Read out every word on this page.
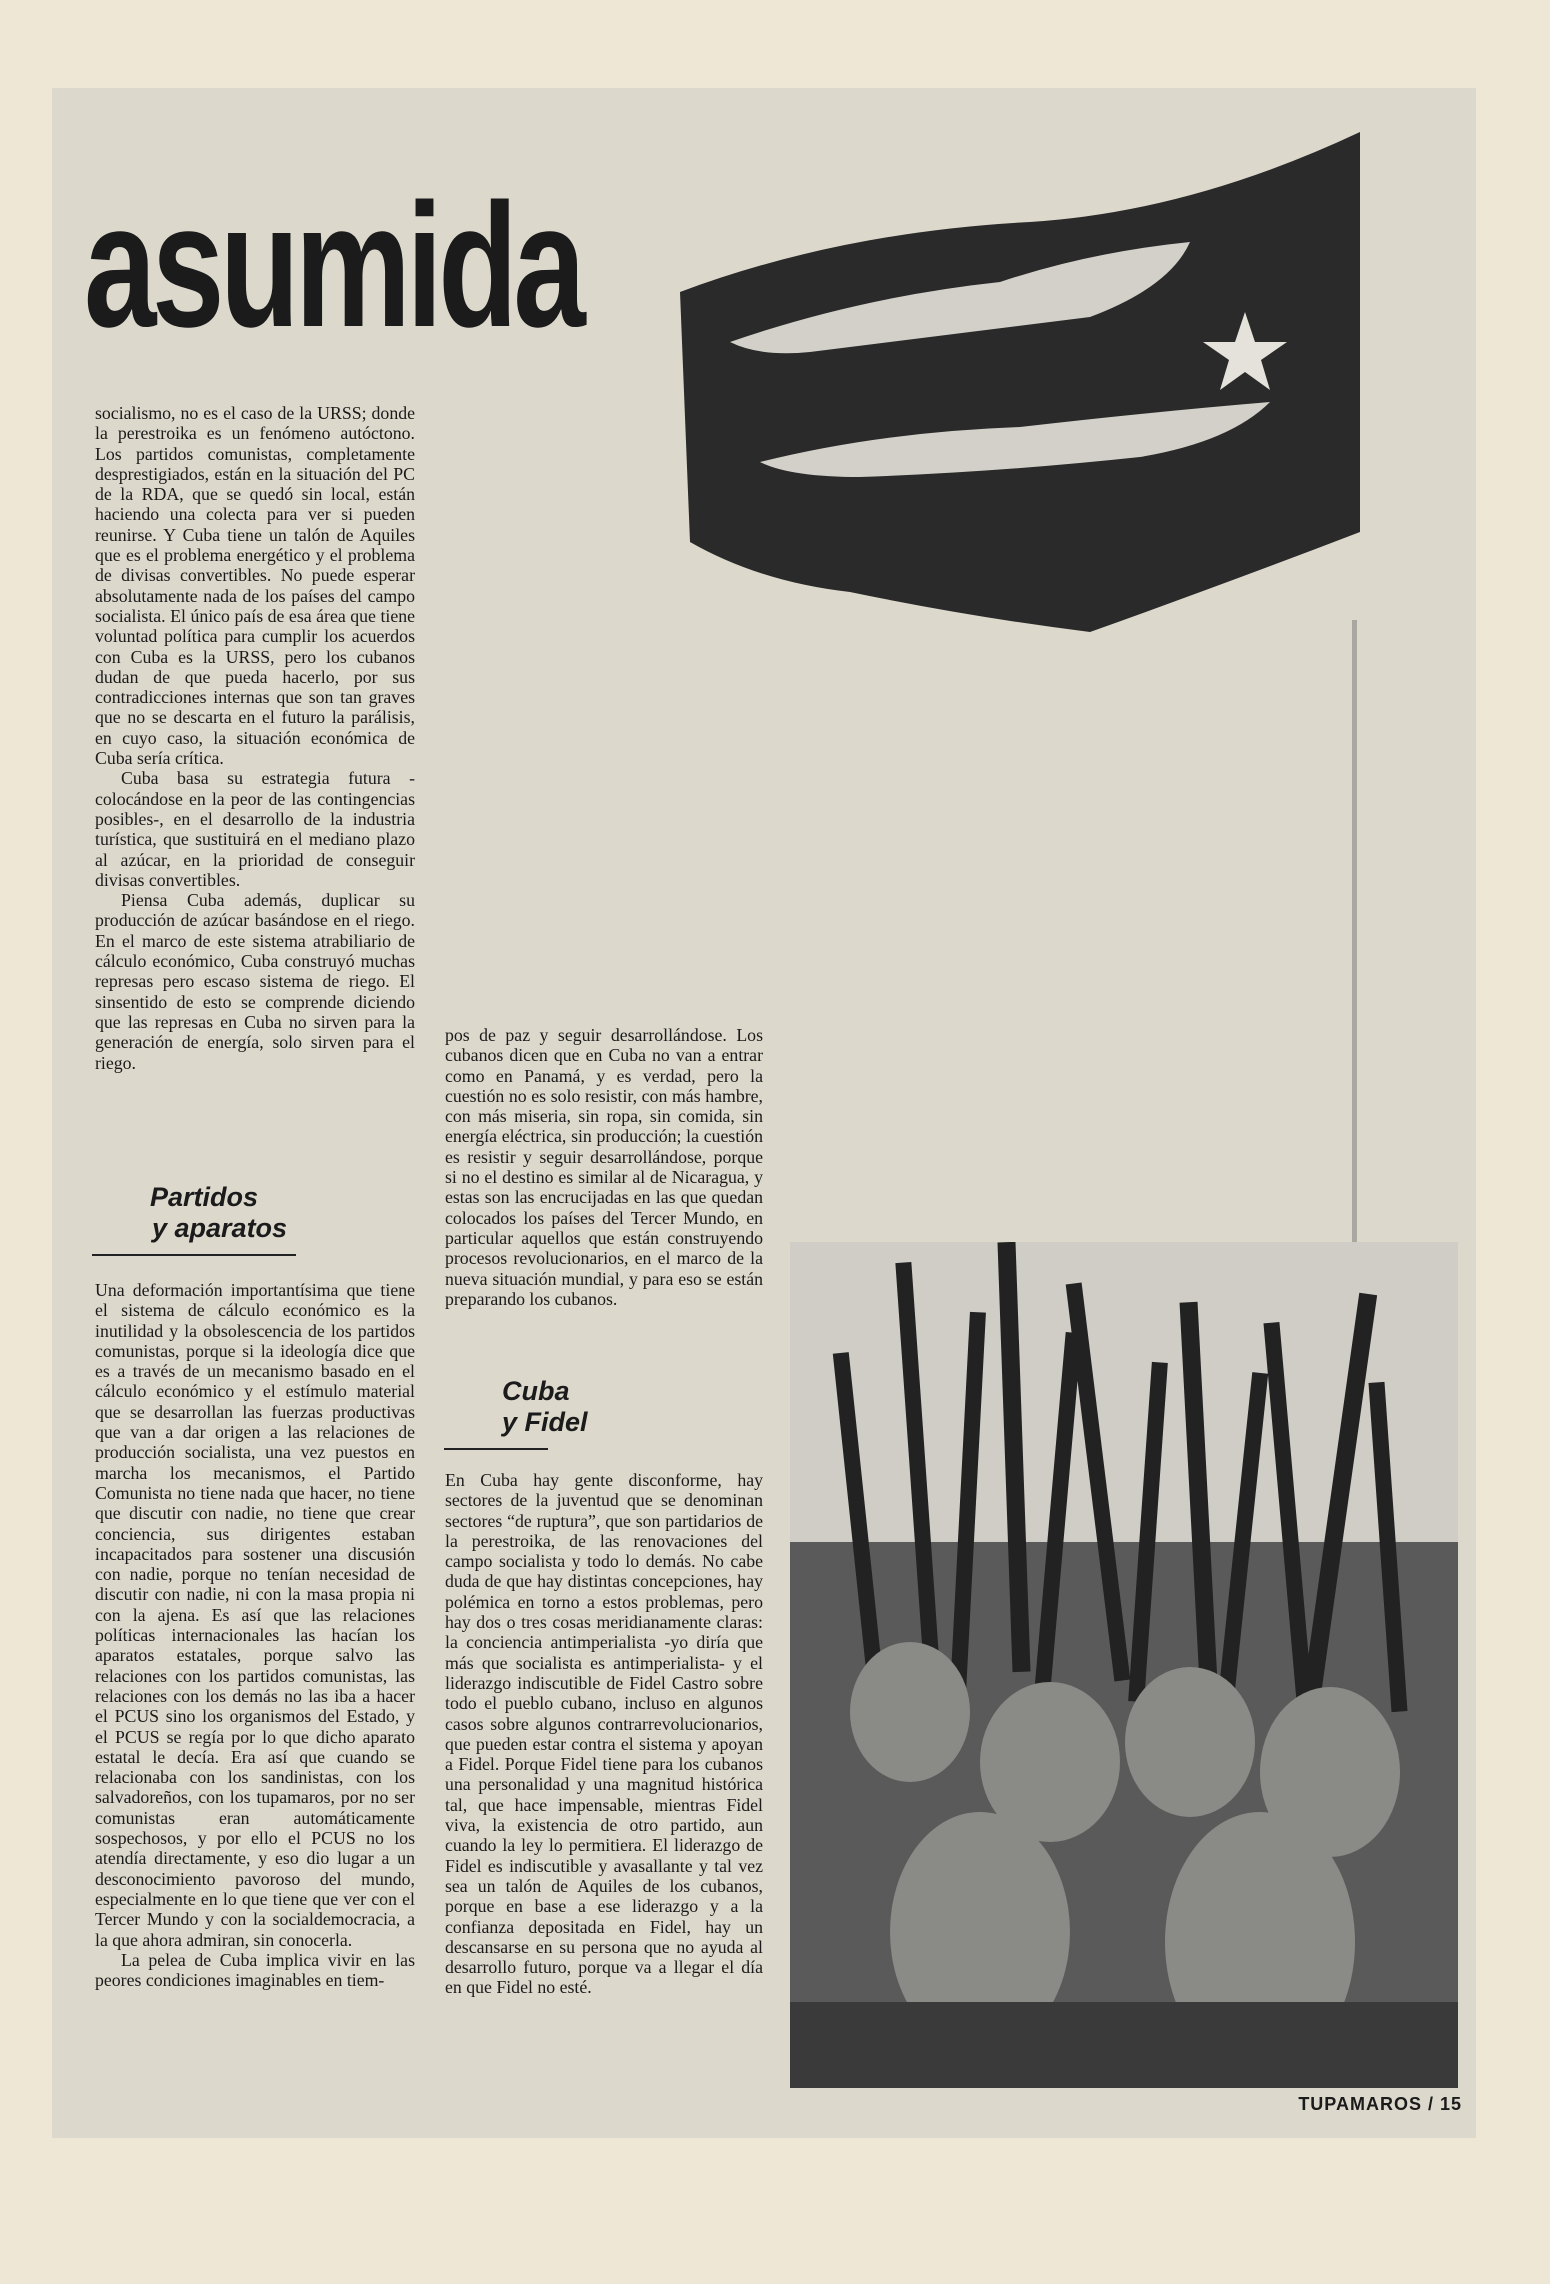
asumida

socialismo, no es el caso de la URSS; donde la perestroika es un fenómeno autóctono. Los partidos comunistas, completamente desprestigiados, están en la situación del PC de la RDA, que se quedó sin local, están haciendo una colecta para ver si pueden reunirse. Y Cuba tiene un talón de Aquiles que es el problema energético y el problema de divisas convertibles. No puede esperar absolutamente nada de los países del campo socialista. El único país de esa área que tiene voluntad política para cumplir los acuerdos con Cuba es la URSS, pero los cubanos dudan de que pueda hacerlo, por sus contradicciones internas que son tan graves que no se descarta en el futuro la parálisis, en cuyo caso, la situación económica de Cuba sería crítica.

Cuba basa su estrategia futura -colocándose en la peor de las contingencias posibles-, en el desarrollo de la industria turística, que sustituirá en el mediano plazo al azúcar, en la prioridad de conseguir divisas convertibles.

Piensa Cuba además, duplicar su producción de azúcar basándose en el riego. En el marco de este sistema atrabiliario de cálculo económico, Cuba construyó muchas represas pero escaso sistema de riego. El sinsentido de esto se comprende diciendo que las represas en Cuba no sirven para la generación de energía, solo sirven para el riego.

Partidos
y aparatos

Una deformación importantísima que tiene el sistema de cálculo económico es la inutilidad y la obsolescencia de los partidos comunistas, porque si la ideología dice que es a través de un mecanismo basado en el cálculo económico y el estímulo material que se desarrollan las fuerzas productivas que van a dar origen a las relaciones de producción socialista, una vez puestos en marcha los mecanismos, el Partido Comunista no tiene nada que hacer, no tiene que discutir con nadie, no tiene que crear conciencia, sus dirigentes estaban incapacitados para sostener una discusión con nadie, porque no tenían necesidad de discutir con nadie, ni con la masa propia ni con la ajena. Es así que las relaciones políticas internacionales las hacían los aparatos estatales, porque salvo las relaciones con los partidos comunistas, las relaciones con los demás no las iba a hacer el PCUS sino los organismos del Estado, y el PCUS se regía por lo que dicho aparato estatal le decía. Era así que cuando se relacionaba con los sandinistas, con los salvadoreños, con los tupamaros, por no ser comunistas eran automáticamente sospechosos, y por ello el PCUS no los atendía directamente, y eso dio lugar a un desconocimiento pavoroso del mundo, especialmente en lo que tiene que ver con el Tercer Mundo y con la socialdemocracia, a la que ahora admiran, sin conocerla.

La pelea de Cuba implica vivir en las peores condiciones imaginables en tiem-

pos de paz y seguir desarrollándose. Los cubanos dicen que en Cuba no van a entrar como en Panamá, y es verdad, pero la cuestión no es solo resistir, con más hambre, con más miseria, sin ropa, sin comida, sin energía eléctrica, sin producción; la cuestión es resistir y seguir desarrollándose, porque si no el destino es similar al de Nicaragua, y estas son las encrucijadas en las que quedan colocados los países del Tercer Mundo, en particular aquellos que están construyendo procesos revolucionarios, en el marco de la nueva situación mundial, y para eso se están preparando los cubanos.

Cuba
y Fidel

En Cuba hay gente disconforme, hay sectores de la juventud que se denominan sectores “de ruptura”, que son partidarios de la perestroika, de las renovaciones del campo socialista y todo lo demás. No cabe duda de que hay distintas concepciones, hay polémica en torno a estos problemas, pero hay dos o tres cosas meridianamente claras: la conciencia antimperialista -yo diría que más que socialista es antimperialista- y el liderazgo indiscutible de Fidel Castro sobre todo el pueblo cubano, incluso en algunos casos sobre algunos contrarrevolucionarios, que pueden estar contra el sistema y apoyan a Fidel. Porque Fidel tiene para los cubanos una personalidad y una magnitud histórica tal, que hace impensable, mientras Fidel viva, la existencia de otro partido, aun cuando la ley lo permitiera. El liderazgo de Fidel es indiscutible y avasallante y tal vez sea un talón de Aquiles de los cubanos, porque en base a ese liderazgo y a la confianza depositada en Fidel, hay un descansarse en su persona que no ayuda al desarrollo futuro, porque va a llegar el día en que Fidel no esté.

TUPAMAROS / 15
